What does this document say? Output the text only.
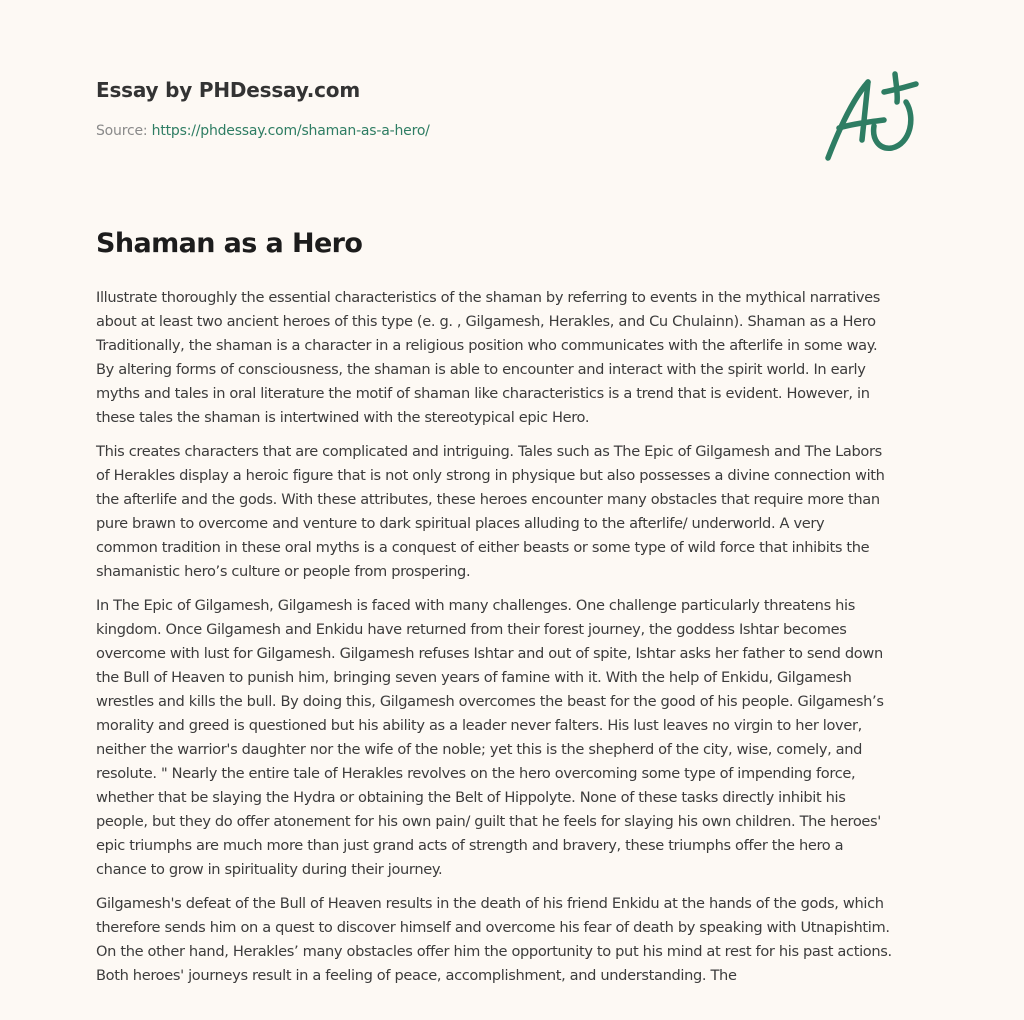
Essay by PHDessay.com
Source: https://phdessay.com/shaman-as-a-hero/
Shaman as a Hero

Illustrate thoroughly the essential characteristics of the shaman by referring to events in the mythical narratives
about at least two ancient heroes of this type (e. g. , Gilgamesh, Herakles, and Cu Chulainn). Shaman as a Hero
Traditionally, the shaman is a character in a religious position who communicates with the afterlife in some way.
By altering forms of consciousness, the shaman is able to encounter and interact with the spirit world. In early
myths and tales in oral literature the motif of shaman like characteristics is a trend that is evident. However, in
these tales the shaman is intertwined with the stereotypical epic Hero.

This creates characters that are complicated and intriguing. Tales such as The Epic of Gilgamesh and The Labors
of Herakles display a heroic figure that is not only strong in physique but also possesses a divine connection with
the afterlife and the gods. With these attributes, these heroes encounter many obstacles that require more than
pure brawn to overcome and venture to dark spiritual places alluding to the afterlife/ underworld. A very
common tradition in these oral myths is a conquest of either beasts or some type of wild force that inhibits the
shamanistic hero’s culture or people from prospering.

In The Epic of Gilgamesh, Gilgamesh is faced with many challenges. One challenge particularly threatens his
kingdom. Once Gilgamesh and Enkidu have returned from their forest journey, the goddess Ishtar becomes
overcome with lust for Gilgamesh. Gilgamesh refuses Ishtar and out of spite, Ishtar asks her father to send down
the Bull of Heaven to punish him, bringing seven years of famine with it. With the help of Enkidu, Gilgamesh
wrestles and kills the bull. By doing this, Gilgamesh overcomes the beast for the good of his people. Gilgamesh’s
morality and greed is questioned but his ability as a leader never falters. His lust leaves no virgin to her lover,
neither the warrior's daughter nor the wife of the noble; yet this is the shepherd of the city, wise, comely, and
resolute. " Nearly the entire tale of Herakles revolves on the hero overcoming some type of impending force,
whether that be slaying the Hydra or obtaining the Belt of Hippolyte. None of these tasks directly inhibit his
people, but they do offer atonement for his own pain/ guilt that he feels for slaying his own children. The heroes'
epic triumphs are much more than just grand acts of strength and bravery, these triumphs offer the hero a
chance to grow in spirituality during their journey.

Gilgamesh's defeat of the Bull of Heaven results in the death of his friend Enkidu at the hands of the gods, which
therefore sends him on a quest to discover himself and overcome his fear of death by speaking with Utnapishtim.
On the other hand, Herakles’ many obstacles offer him the opportunity to put his mind at rest for his past actions.
Both heroes' journeys result in a feeling of peace, accomplishment, and understanding. The
